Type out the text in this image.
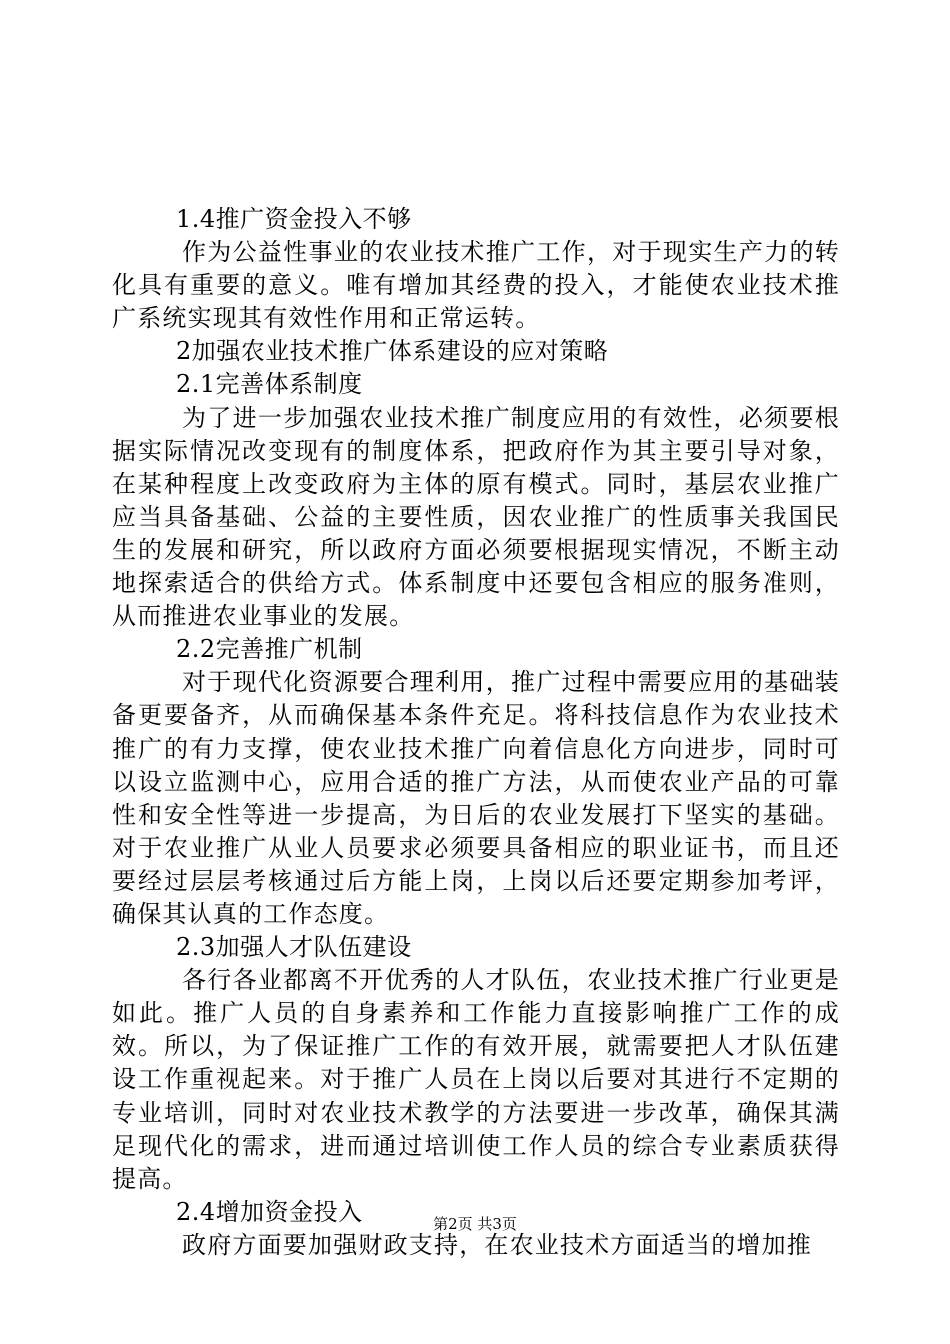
1.4推广资金投入不够
作为公益性事业的农业技术推广工作，对于现实生产力的转化具有重要的意义。唯有增加其经费的投入，才能使农业技术推广系统实现其有效性作用和正常运转。
2加强农业技术推广体系建设的应对策略
2.1完善体系制度
为了进一步加强农业技术推广制度应用的有效性，必须要根据实际情况改变现有的制度体系，把政府作为其主要引导对象，在某种程度上改变政府为主体的原有模式。同时，基层农业推广应当具备基础、公益的主要性质，因农业推广的性质事关我国民生的发展和研究，所以政府方面必须要根据现实情况，不断主动地探索适合的供给方式。体系制度中还要包含相应的服务准则，从而推进农业事业的发展。
2.2完善推广机制
对于现代化资源要合理利用，推广过程中需要应用的基础装备更要备齐，从而确保基本条件充足。将科技信息作为农业技术推广的有力支撑，使农业技术推广向着信息化方向进步，同时可以设立监测中心，应用合适的推广方法，从而使农业产品的可靠性和安全性等进一步提高，为日后的农业发展打下坚实的基础。对于农业推广从业人员要求必须要具备相应的职业证书，而且还要经过层层考核通过后方能上岗，上岗以后还要定期参加考评，确保其认真的工作态度。
2.3加强人才队伍建设
各行各业都离不开优秀的人才队伍，农业技术推广行业更是如此。推广人员的自身素养和工作能力直接影响推广工作的成效。所以，为了保证推广工作的有效开展，就需要把人才队伍建设工作重视起来。对于推广人员在上岗以后要对其进行不定期的专业培训，同时对农业技术教学的方法要进一步改革，确保其满足现代化的需求，进而通过培训使工作人员的综合专业素质获得提高。
2.4增加资金投入
政府方面要加强财政支持，在农业技术方面适当的增加推
第2页 共3页
